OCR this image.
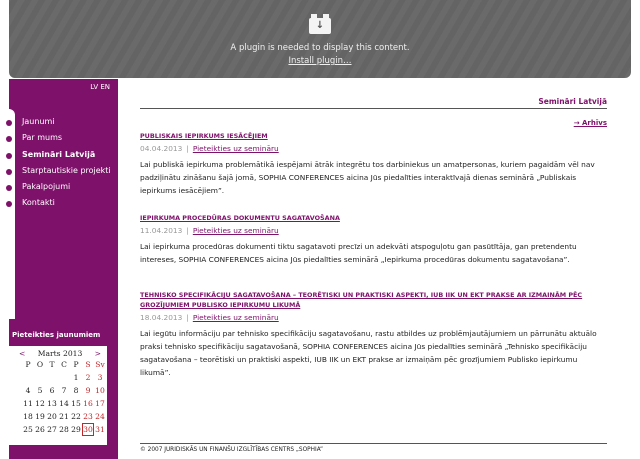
↓
A plugin is needed to display this content.
Install plugin…
LV EN
Jaunumi
Par mums
Semināri Latvijā
Starptautiskie projekti
Pakalpojumi
Kontakti
Pieteikties jaunumiem
< Marts 2013 >
P	O	T	C	P	S	Sv
				1	2	3
4	5	6	7	8	9	10
11	12	13	14	15	16	17
18	19	20	21	22	23	24
25	26	27	28	29	30	31
Semināri Latvijā
→ Arhīvs
PUBLISKAIS IEPIRKUMS IESĀCĒJIEM
04.04.2013 | Pieteikties uz semināru

Lai publiskā iepirkuma problemātikā iespējami ātrāk integrētu tos darbiniekus un amatpersonas, kuriem pagaidām vēl nav padziļinātu zināšanu šajā jomā, SOPHIA CONFERENCES aicina Jūs piedalīties interaktīvajā dienas seminārā „Publiskais iepirkums iesācējiem”.

IEPIRKUMA PROCEDŪRAS DOKUMENTU SAGATAVOŠANA
11.04.2013 | Pieteikties uz semināru

Lai iepirkuma procedūras dokumenti tiktu sagatavoti precīzi un adekvāti atspoguļotu gan pasūtītāja, gan pretendentu intereses, SOPHIA CONFERENCES aicina Jūs piedalīties seminārā „Iepirkuma procedūras dokumentu sagatavošana”.

TEHNISKO SPECIFIKĀCIJU SAGATAVOŠANA – TEORĒTISKI UN PRAKTISKI ASPEKTI, IUB IIK UN EKT PRAKSE AR IZMAIŅĀM PĒC GROZĪJUMIEM PUBLISKO IEPIRKUMU LIKUMĀ
18.04.2013 | Pieteikties uz semināru

Lai iegūtu informāciju par tehnisko specifikāciju sagatavošanu, rastu atbildes uz problēmjautājumiem un pārrunātu aktuālo praksi tehnisko specifikāciju sagatavošanā, SOPHIA CONFERENCES aicina Jūs piedalīties seminārā „Tehnisko specifikāciju sagatavošana – teorētiski un praktiski aspekti, IUB IIK un EKT prakse ar izmaiņām pēc grozījumiem Publisko iepirkumu likumā”.

© 2007 JURIDISKĀS UN FINANŠU IZGLĪTĪBAS CENTRS „SOPHIA”
